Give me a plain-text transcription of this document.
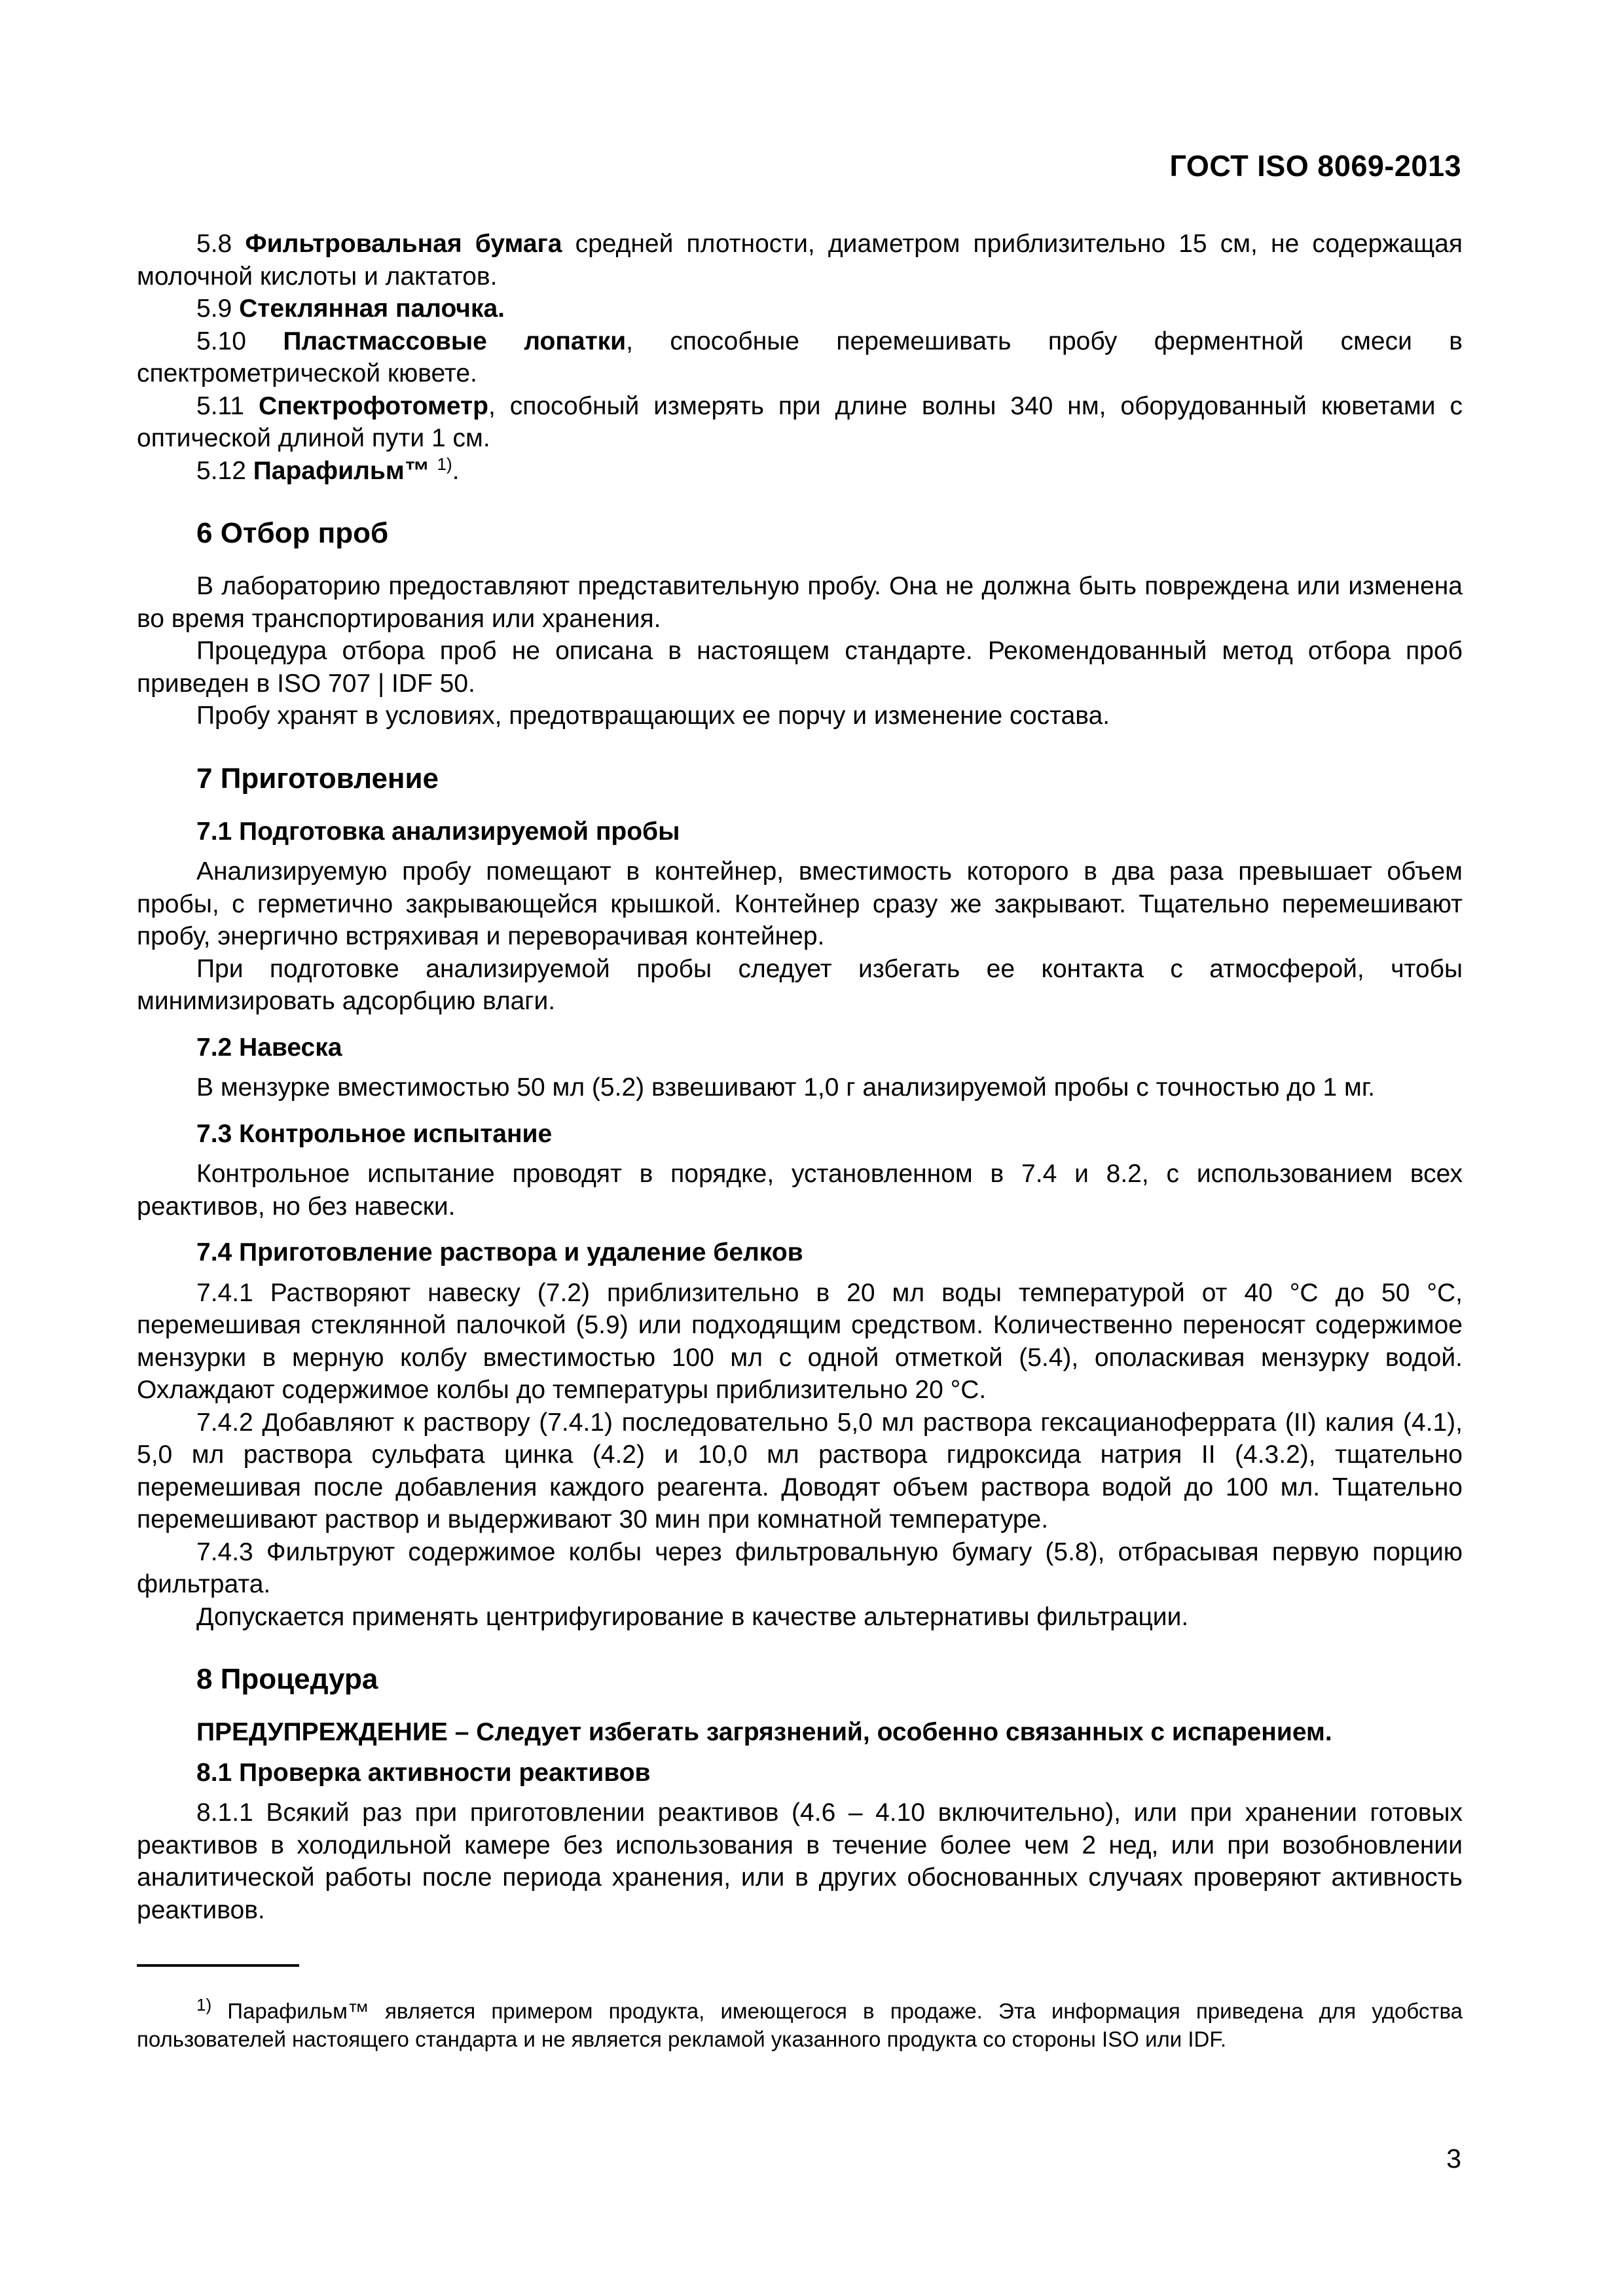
ГОСТ ISO 8069-2013

5.8 Фильтровальная бумага средней плотности, диаметром приблизительно 15 см, не содержащая молочной кислоты и лактатов.

5.9 Стеклянная палочка.

5.10 Пластмассовые лопатки, способные перемешивать пробу ферментной смеси в спектрометрической кювете.

5.11 Спектрофотометр, способный измерять при длине волны 340 нм, оборудованный кюветами с оптической длиной пути 1 см.

5.12 Парафильм™ $^{1)}$.

6 Отбор проб

В лабораторию предоставляют представительную пробу. Она не должна быть повреждена или изменена во время транспортирования или хранения.

Процедура отбора проб не описана в настоящем стандарте. Рекомендованный метод отбора проб приведен в ISO 707 | IDF 50.

Пробу хранят в условиях, предотвращающих ее порчу и изменение состава.

7 Приготовление
7.1 Подготовка анализируемой пробы

Анализируемую пробу помещают в контейнер, вместимость которого в два раза превышает объем пробы, с герметично закрывающейся крышкой. Контейнер сразу же закрывают. Тщательно перемешивают пробу, энергично встряхивая и переворачивая контейнер.

При подготовке анализируемой пробы следует избегать ее контакта с атмосферой, чтобы минимизировать адсорбцию влаги.

7.2 Навеска

В мензурке вместимостью 50 мл (5.2) взвешивают 1,0 г анализируемой пробы с точностью до 1 мг.

7.3 Контрольное испытание

Контрольное испытание проводят в порядке, установленном в 7.4 и 8.2, с использованием всех реактивов, но без навески.

7.4 Приготовление раствора и удаление белков

7.4.1 Растворяют навеску (7.2) приблизительно в 20 мл воды температурой от 40 °С до 50 °С, перемешивая стеклянной палочкой (5.9) или подходящим средством. Количественно переносят содержимое мензурки в мерную колбу вместимостью 100 мл с одной отметкой (5.4), ополаскивая мензурку водой. Охлаждают содержимое колбы до температуры приблизительно 20 °С.

7.4.2 Добавляют к раствору (7.4.1) последовательно 5,0 мл раствора гексацианоферрата (II) калия (4.1), 5,0 мл раствора сульфата цинка (4.2) и 10,0 мл раствора гидроксида натрия II (4.3.2), тщательно перемешивая после добавления каждого реагента. Доводят объем раствора водой до 100 мл. Тщательно перемешивают раствор и выдерживают 30 мин при комнатной температуре.

7.4.3 Фильтруют содержимое колбы через фильтровальную бумагу (5.8), отбрасывая первую порцию фильтрата.

Допускается применять центрифугирование в качестве альтернативы фильтрации.

8 Процедура
ПРЕДУПРЕЖДЕНИЕ – Следует избегать загрязнений, особенно связанных с испарением.
8.1 Проверка активности реактивов

8.1.1 Всякий раз при приготовлении реактивов (4.6 – 4.10 включительно), или при хранении готовых реактивов в холодильной камере без использования в течение более чем 2 нед, или при возобновлении аналитической работы после периода хранения, или в других обоснованных случаях проверяют активность реактивов.

$^{1)}$ Парафильм™ является примером продукта, имеющегося в продаже. Эта информация приведена для удобства пользователей настоящего стандарта и не является рекламой указанного продукта со стороны ISO или IDF.

3
